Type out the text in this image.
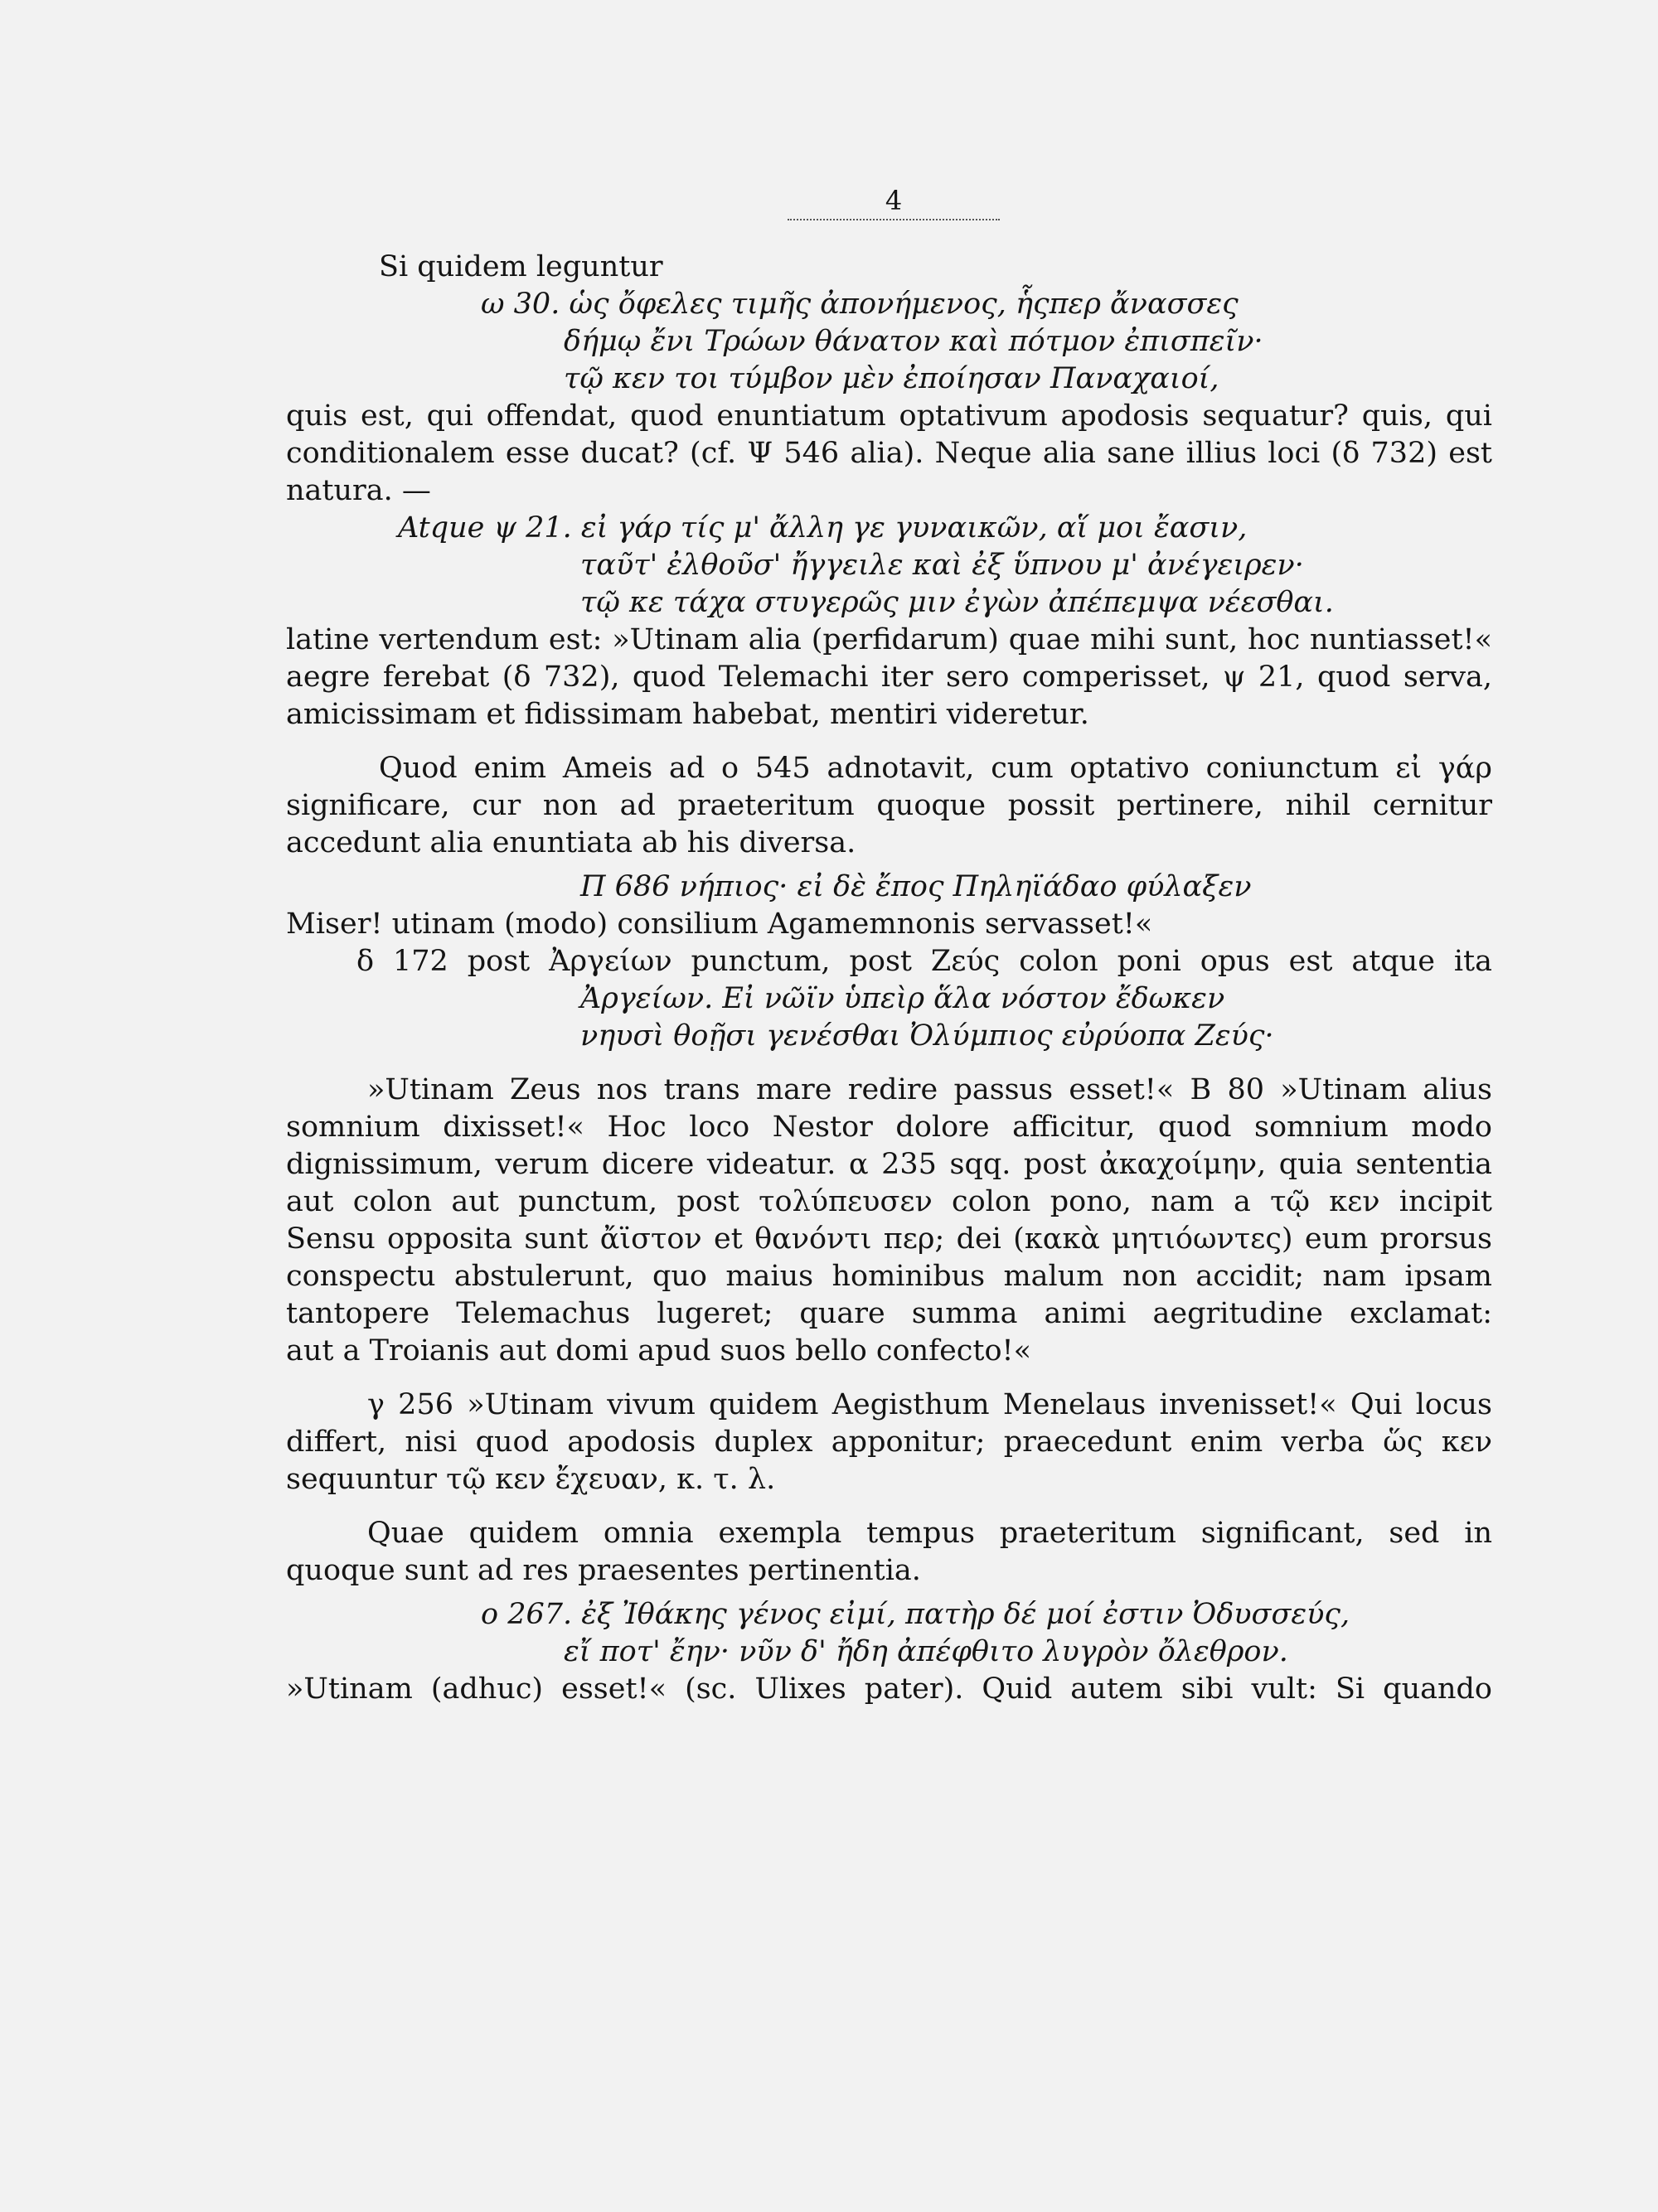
4
Si quidem leguntur
ω 30. ὡς ὄφελες τιμῆς ἀπονήμενος, ἧςπερ ἄνασσες
δήμῳ ἔνι Τρώων θάνατον καὶ πότμον ἐπισπεῖν·
τῷ κεν τοι τύμβον μὲν ἐποίησαν Παναχαιοί,
quis est, qui offendat, quod enuntiatum optativum apodosis sequatur? quis, qui
conditionalem esse ducat? (cf. Ψ 546 alia). Neque alia sane illius loci (δ 732) est
natura. —
Atque ψ 21. εἰ γάρ τίς μ' ἄλλη γε γυναικῶν, αἵ μοι ἔασιν,
ταῦτ' ἐλθοῦσ' ἤγγειλε καὶ ἐξ ὕπνου μ' ἀνέγειρεν·
τῷ κε τάχα στυγερῶς μιν ἐγὼν ἀπέπεμψα νέεσθαι.
latine vertendum est: »Utinam alia (perfidarum) quae mihi sunt, hoc nuntiasset!«
aegre ferebat (δ 732), quod Telemachi iter sero comperisset, ψ 21, quod serva,
amicissimam et fidissimam habebat, mentiri videretur.
Quod enim Ameis ad ο 545 adnotavit, cum optativo coniunctum εἰ γάρ
significare, cur non ad praeteritum quoque possit pertinere, nihil cernitur
accedunt alia enuntiata ab his diversa.
Π 686 νήπιος· εἰ δὲ ἔπος Πηληϊάδαο φύλαξεν
Miser! utinam (modo) consilium Agamemnonis servasset!«
δ 172 post Ἀργείων punctum, post Ζεύς colon poni opus est atque ita
Ἀργείων. Εἰ νῶϊν ὑπεὶρ ἅλα νόστον ἔδωκεν
νηυσὶ θοῇσι γενέσθαι Ὀλύμπιος εὐρύοπα Ζεύς·
»Utinam Zeus nos trans mare redire passus esset!« Β 80 »Utinam alius
somnium dixisset!« Hoc loco Nestor dolore afficitur, quod somnium modo
dignissimum, verum dicere videatur. α 235 sqq. post ἀκαχοίμην, quia sententia
aut colon aut punctum, post τολύπευσεν colon pono, nam a τῷ κεν incipit
Sensu opposita sunt ἄϊστον et θανόντι περ; dei (κακὰ μητιόωντες) eum prorsus
conspectu abstulerunt, quo maius hominibus malum non accidit; nam ipsam
tantopere Telemachus lugeret; quare summa animi aegritudine exclamat:
aut a Troianis aut domi apud suos bello confecto!«
γ 256 »Utinam vivum quidem Aegisthum Menelaus invenisset!« Qui locus
differt, nisi quod apodosis duplex apponitur; praecedunt enim verba ὥς κεν
sequuntur τῷ κεν ἔχευαν, κ. τ. λ.
Quae quidem omnia exempla tempus praeteritum significant, sed in
quoque sunt ad res praesentes pertinentia.
ο 267. ἐξ Ἰθάκης γένος εἰμί, πατὴρ δέ μοί ἐστιν Ὀδυσσεύς,
εἴ ποτ' ἔην· νῦν δ' ἤδη ἀπέφθιτο λυγρὸν ὄλεθρον.
»Utinam (adhuc) esset!« (sc. Ulixes pater). Quid autem sibi vult: Si quando
